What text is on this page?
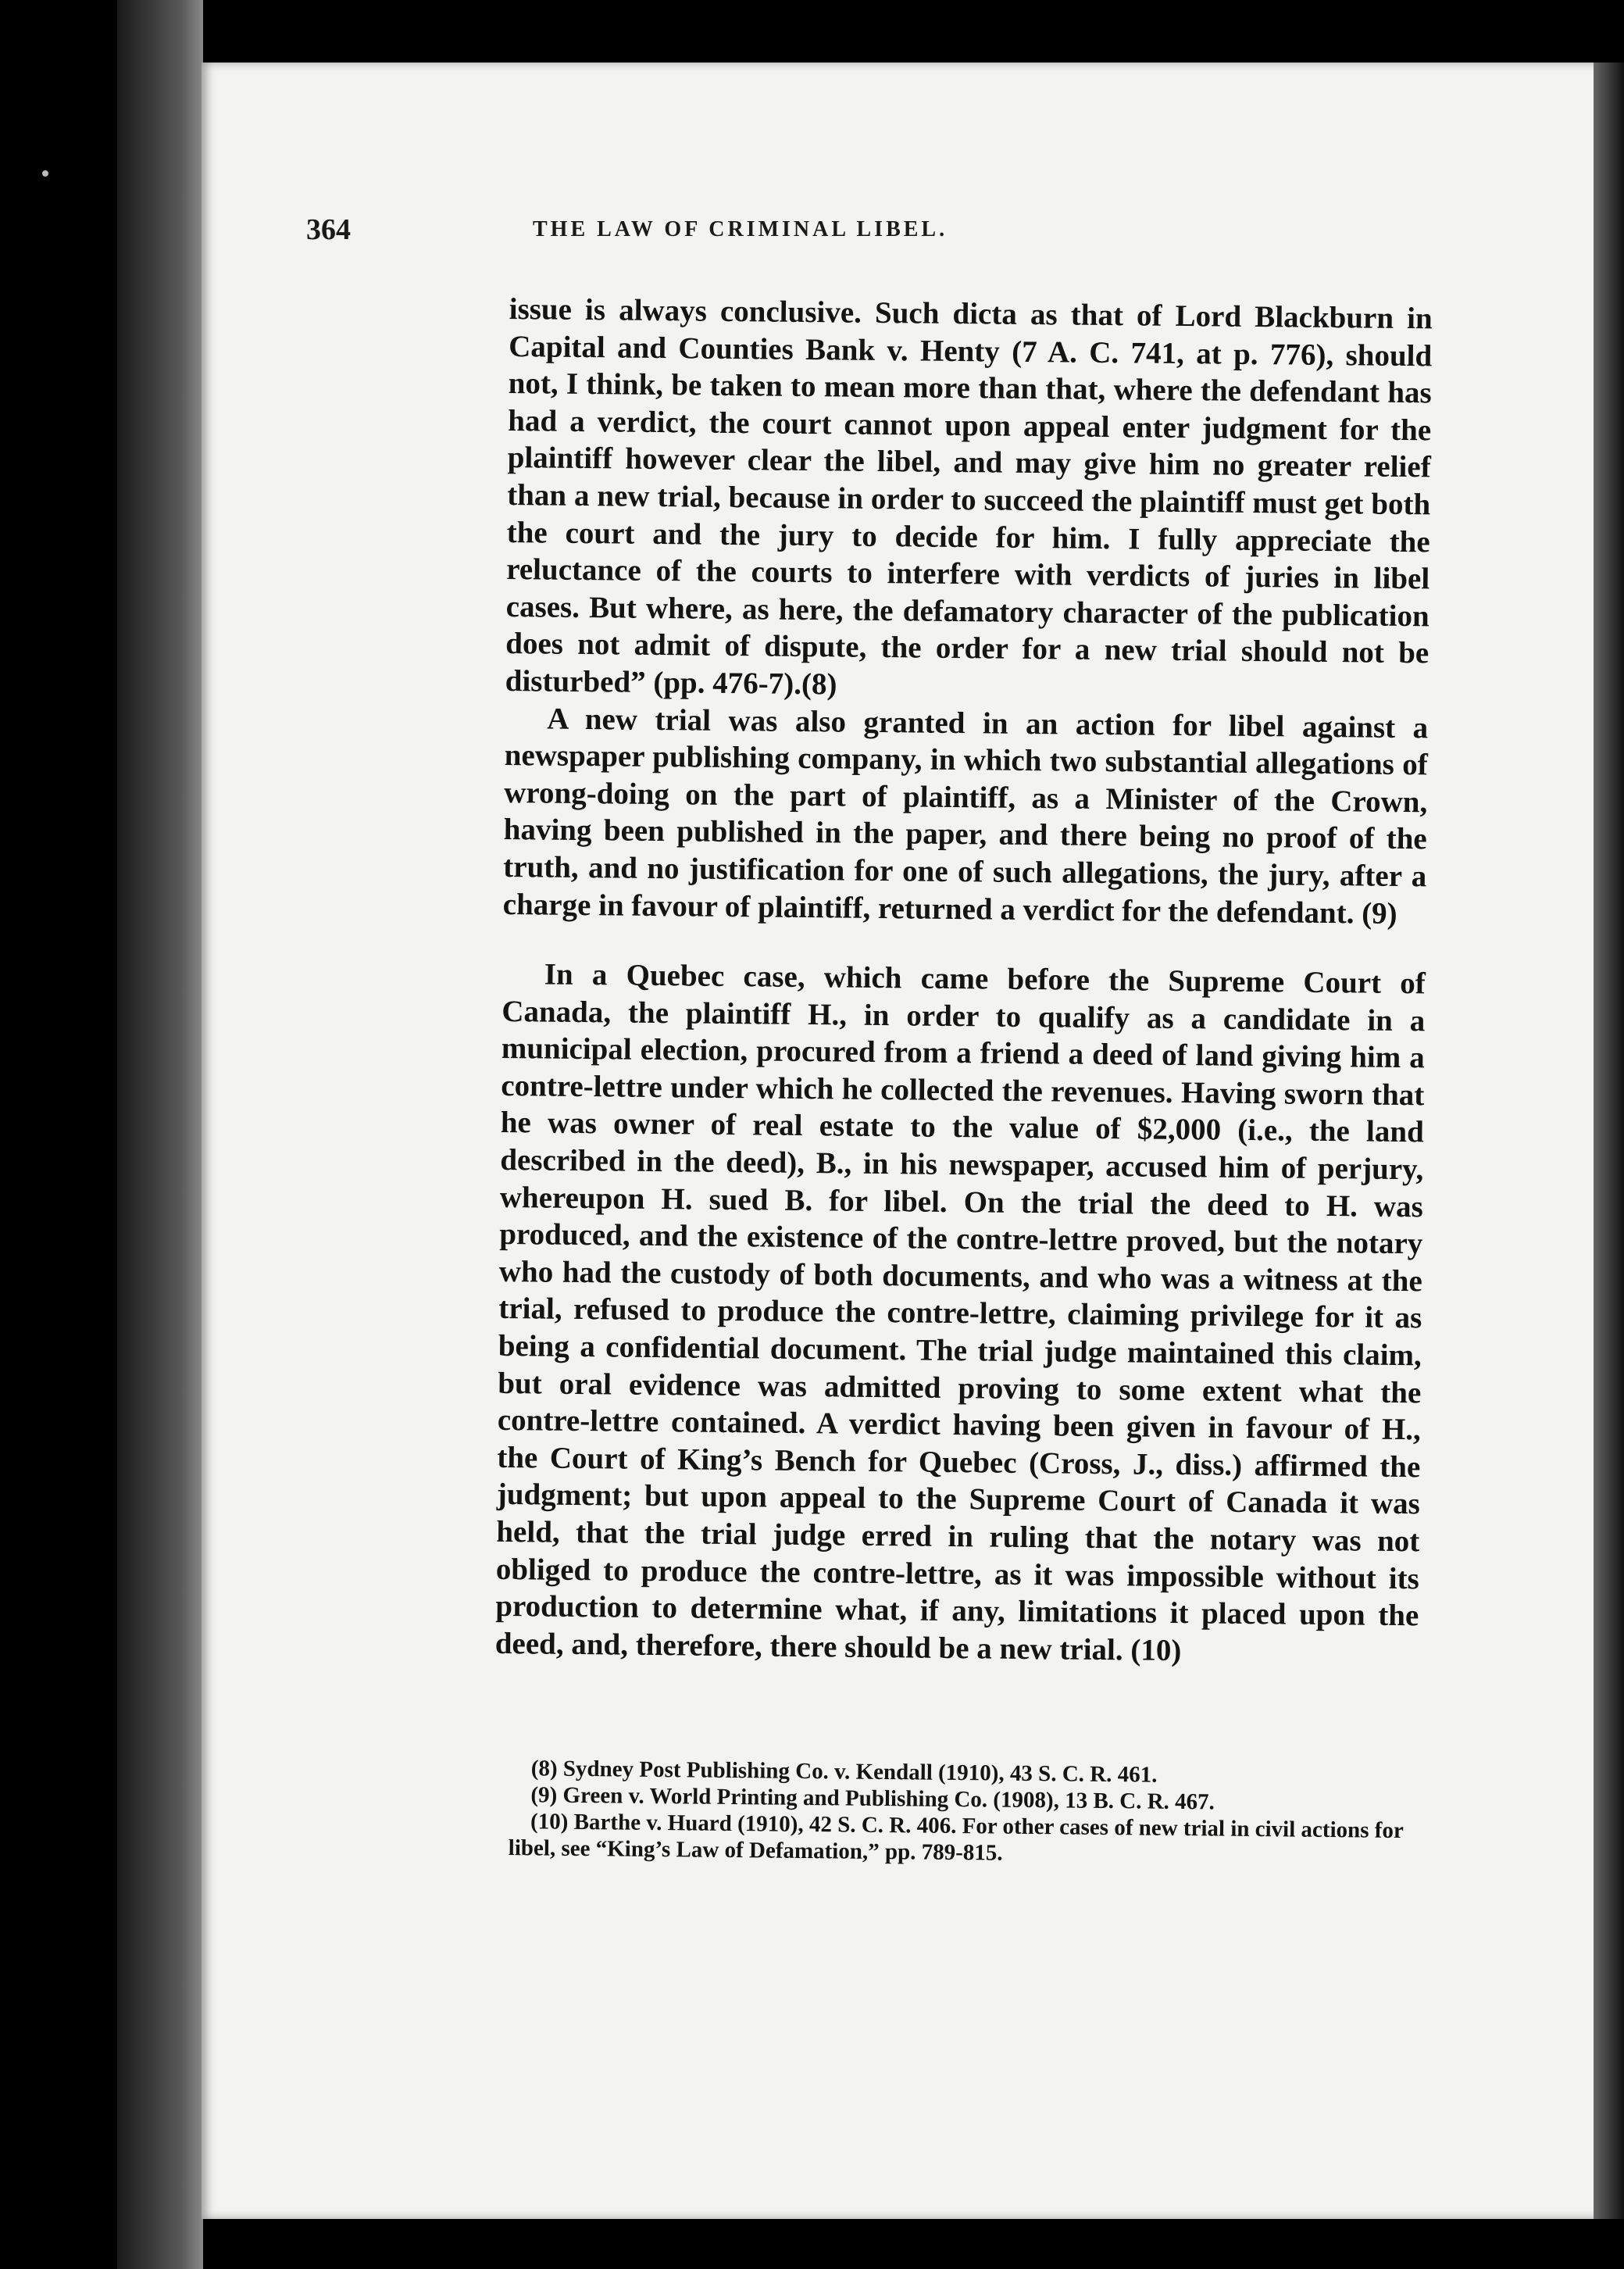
364	THE LAW OF CRIMINAL LIBEL.

issue is always conclusive. Such dicta as that of Lord Blackburn in Capital and Counties Bank v. Henty (7 A. C. 741, at p. 776), should not, I think, be taken to mean more than that, where the defendant has had a verdict, the court cannot upon appeal enter judgment for the plaintiff however clear the libel, and may give him no greater relief than a new trial, because in order to succeed the plaintiff must get both the court and the jury to decide for him. I fully appreciate the reluctance of the courts to interfere with verdicts of juries in libel cases. But where, as here, the defamatory character of the publication does not admit of dispute, the order for a new trial should not be disturbed” (pp. 476-7).(8)

A new trial was also granted in an action for libel against a newspaper publishing company, in which two substantial allegations of wrong-doing on the part of plaintiff, as a Minister of the Crown, having been published in the paper, and there being no proof of the truth, and no justification for one of such allegations, the jury, after a charge in favour of plaintiff, returned a verdict for the defendant. (9)

In a Quebec case, which came before the Supreme Court of Canada, the plaintiff H., in order to qualify as a candidate in a municipal election, procured from a friend a deed of land giving him a contre-lettre under which he collected the revenues. Having sworn that he was owner of real estate to the value of $2,000 (i.e., the land described in the deed), B., in his newspaper, accused him of perjury, whereupon H. sued B. for libel. On the trial the deed to H. was produced, and the existence of the contre-lettre proved, but the notary who had the custody of both documents, and who was a witness at the trial, refused to produce the contre-lettre, claiming privilege for it as being a confidential document. The trial judge maintained this claim, but oral evidence was admitted proving to some extent what the contre-lettre contained. A verdict having been given in favour of H., the Court of King’s Bench for Quebec (Cross, J., diss.) affirmed the judgment; but upon appeal to the Supreme Court of Canada it was held, that the trial judge erred in ruling that the notary was not obliged to produce the contre-lettre, as it was impossible without its production to determine what, if any, limitations it placed upon the deed, and, therefore, there should be a new trial. (10)

(8) Sydney Post Publishing Co. v. Kendall (1910), 43 S. C. R. 461.

(9) Green v. World Printing and Publishing Co. (1908), 13 B. C. R. 467.

(10) Barthe v. Huard (1910), 42 S. C. R. 406. For other cases of new trial in civil actions for libel, see “King’s Law of Defamation,” pp. 789-815.
